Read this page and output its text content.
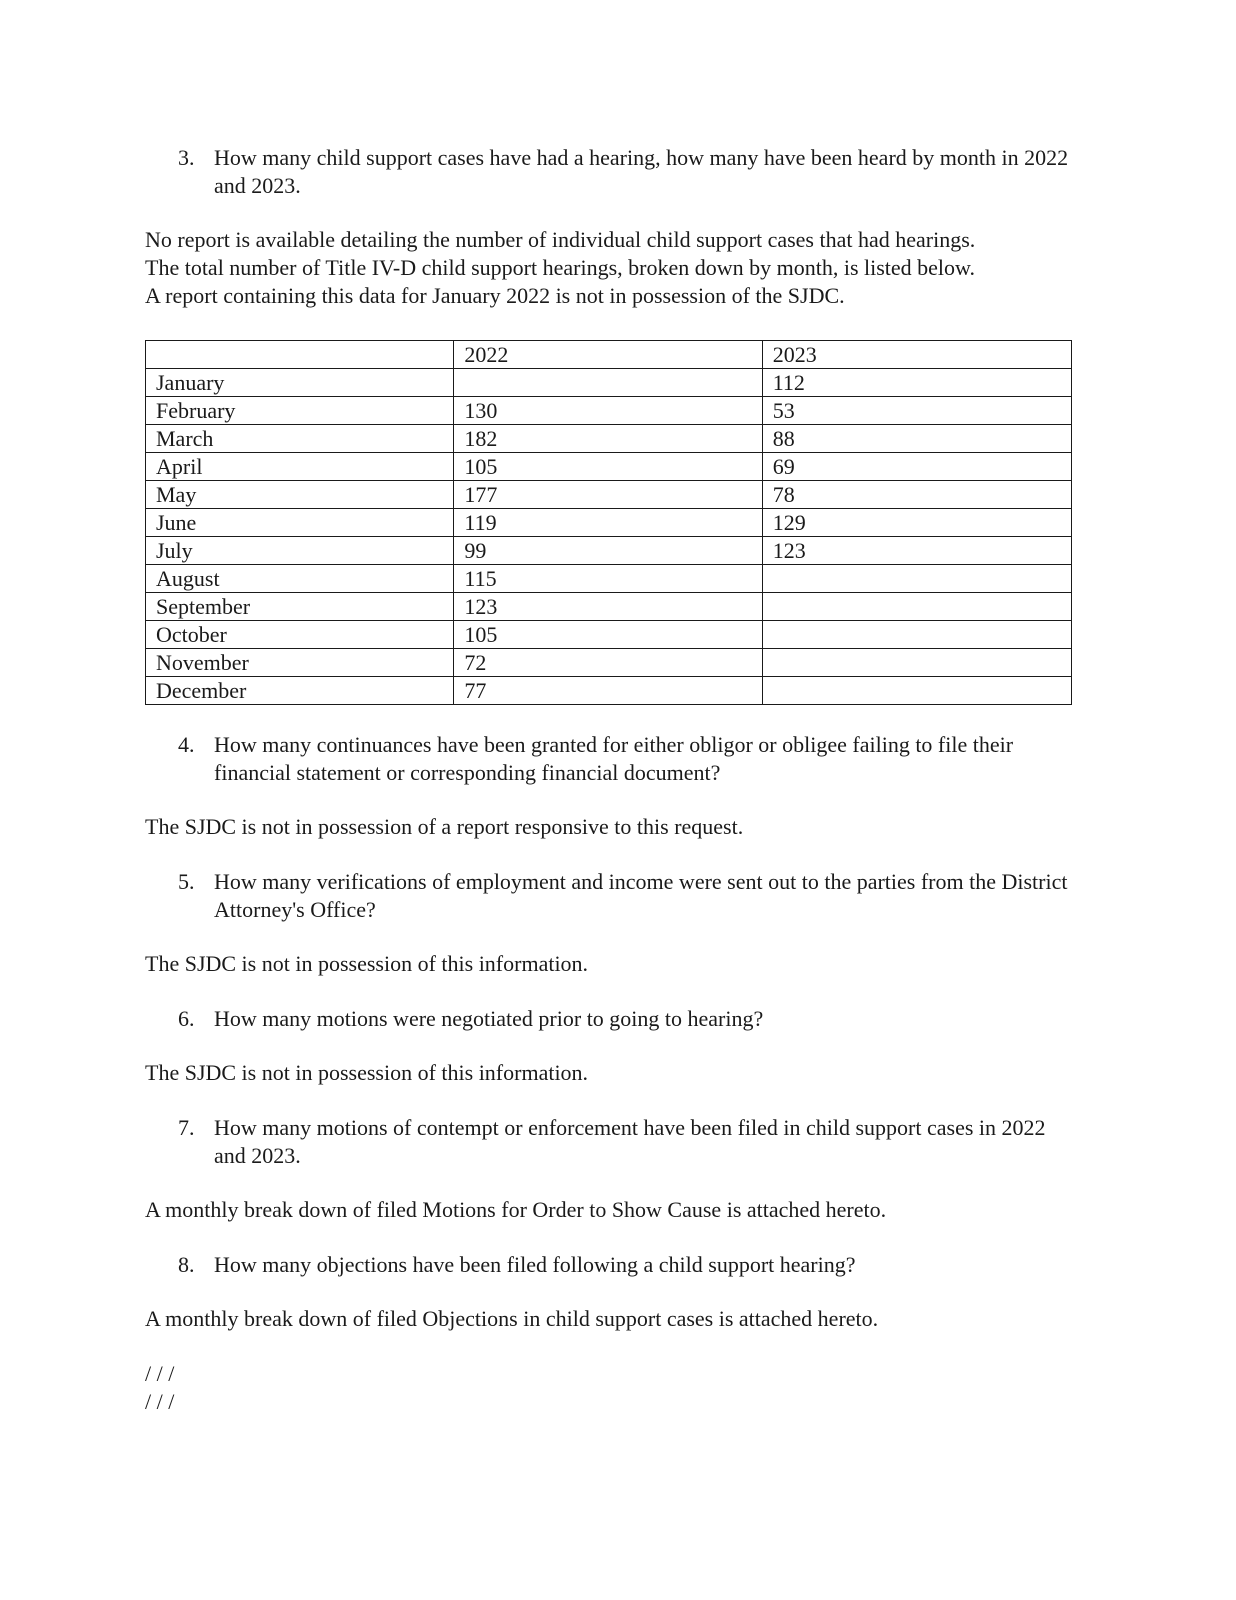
3. How many child support cases have had a hearing, how many have been heard by month in 2022 and 2023.

No report is available detailing the number of individual child support cases that had hearings.

The total number of Title IV-D child support hearings, broken down by month, is listed below.

A report containing this data for January 2022 is not in possession of the SJDC.

	2022	2023
January		112
February	130	53
March	182	88
April	105	69
May	177	78
June	119	129
July	99	123
August	115	
September	123	
October	105	
November	72	
December	77	
4. How many continuances have been granted for either obligor or obligee failing to file their financial statement or corresponding financial document?

The SJDC is not in possession of a report responsive to this request.

5. How many verifications of employment and income were sent out to the parties from the District Attorney's Office?

The SJDC is not in possession of this information.

6. How many motions were negotiated prior to going to hearing?

The SJDC is not in possession of this information.

7. How many motions of contempt or enforcement have been filed in child support cases in 2022 and 2023.

A monthly break down of filed Motions for Order to Show Cause is attached hereto.

8. How many objections have been filed following a child support hearing?

A monthly break down of filed Objections in child support cases is attached hereto.

/ / /
/ / /
